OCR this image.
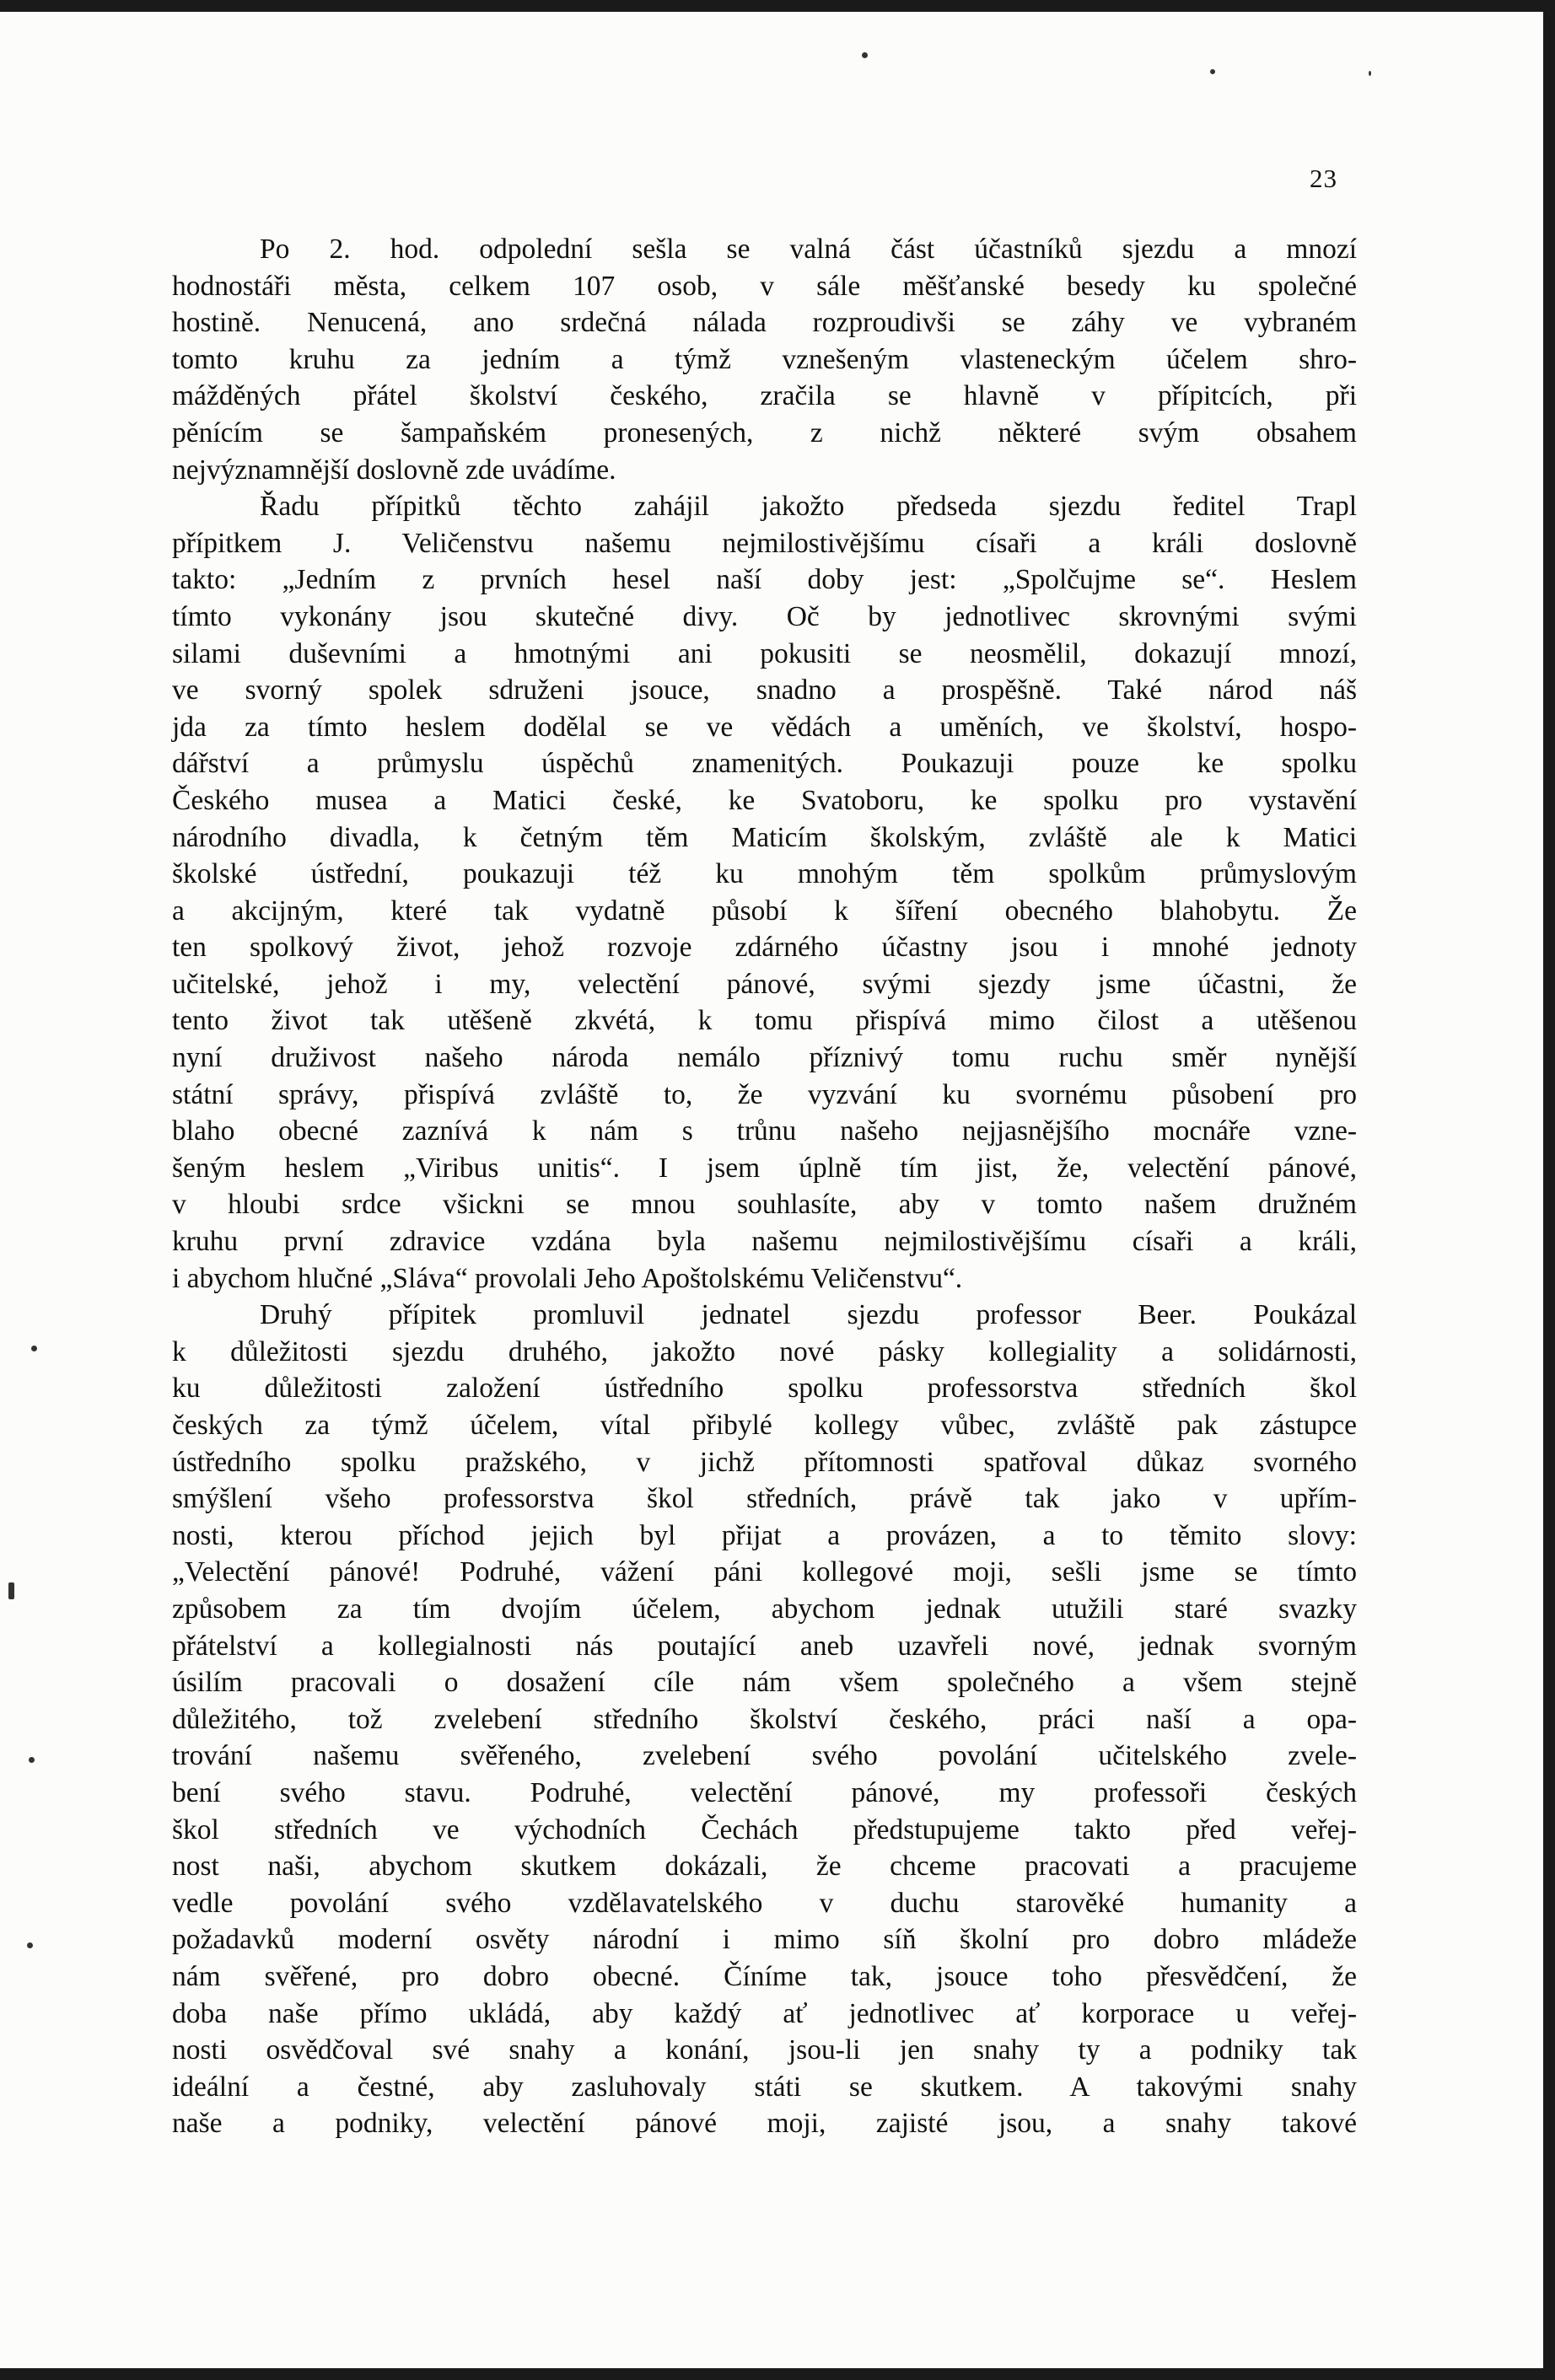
23
Po 2. hod. odpolední sešla se valná část účastníků sjezdu a mnozí
hodnostáři města, celkem 107 osob, v sále měšťanské besedy ku společné
hostině. Nenucená, ano srdečná nálada rozproudivši se záhy ve vybraném
tomto kruhu za jedním a týmž vznešeným vlasteneckým účelem shro-
mážděných přátel školství českého, zračila se hlavně v přípitcích, při
pěnícím se šampaňském pronesených, z nichž některé svým obsahem
nejvýznamnější doslovně zde uvádíme.
Řadu přípitků těchto zahájil jakožto předseda sjezdu ředitel Trapl
přípitkem J. Veličenstvu našemu nejmilostivějšímu císaři a králi doslovně
takto: „Jedním z prvních hesel naší doby jest: „Spolčujme se“. Heslem
tímto vykonány jsou skutečné divy. Oč by jednotlivec skrovnými svými
silami duševními a hmotnými ani pokusiti se neosmělil, dokazují mnozí,
ve svorný spolek sdruženi jsouce, snadno a prospěšně. Také národ náš
jda za tímto heslem dodělal se ve vědách a uměních, ve školství, hospo-
dářství a průmyslu úspěchů znamenitých. Poukazuji pouze ke spolku
Českého musea a Matici české, ke Svatoboru, ke spolku pro vystavění
národního divadla, k četným těm Maticím školským, zvláště ale k Matici
školské ústřední, poukazuji též ku mnohým těm spolkům průmyslovým
a akcijným, které tak vydatně působí k šíření obecného blahobytu. Že
ten spolkový život, jehož rozvoje zdárného účastny jsou i mnohé jednoty
učitelské, jehož i my, velectění pánové, svými sjezdy jsme účastni, že
tento život tak utěšeně zkvétá, k tomu přispívá mimo čilost a utěšenou
nyní druživost našeho národa nemálo příznivý tomu ruchu směr nynější
státní správy, přispívá zvláště to, že vyzvání ku svornému působení pro
blaho obecné zaznívá k nám s trůnu našeho nejjasnějšího mocnáře vzne-
šeným heslem „Viribus unitis“. I jsem úplně tím jist, že, velectění pánové,
v hloubi srdce všickni se mnou souhlasíte, aby v tomto našem družném
kruhu první zdravice vzdána byla našemu nejmilostivějšímu císaři a králi,
i abychom hlučné „Sláva“ provolali Jeho Apoštolskému Veličenstvu“.
Druhý přípitek promluvil jednatel sjezdu professor Beer. Poukázal
k důležitosti sjezdu druhého, jakožto nové pásky kollegiality a solidárnosti,
ku důležitosti založení ústředního spolku professorstva středních škol
českých za týmž účelem, vítal přibylé kollegy vůbec, zvláště pak zástupce
ústředního spolku pražského, v jichž přítomnosti spatřoval důkaz svorného
smýšlení všeho professorstva škol středních, právě tak jako v upřím-
nosti, kterou příchod jejich byl přijat a provázen, a to těmito slovy:
„Velectění pánové! Podruhé, vážení páni kollegové moji, sešli jsme se tímto
způsobem za tím dvojím účelem, abychom jednak utužili staré svazky
přátelství a kollegialnosti nás poutající aneb uzavřeli nové, jednak svorným
úsilím pracovali o dosažení cíle nám všem společného a všem stejně
důležitého, tož zvelebení středního školství českého, práci naší a opa-
trování našemu svěřeného, zvelebení svého povolání učitelského zvele-
bení svého stavu. Podruhé, velectění pánové, my professoři českých
škol středních ve východních Čechách předstupujeme takto před veřej-
nost naši, abychom skutkem dokázali, že chceme pracovati a pracujeme
vedle povolání svého vzdělavatelského v duchu starověké humanity a
požadavků moderní osvěty národní i mimo síň školní pro dobro mládeže
nám svěřené, pro dobro obecné. Číníme tak, jsouce toho přesvědčení, že
doba naše přímo ukládá, aby každý ať jednotlivec ať korporace u veřej-
nosti osvědčoval své snahy a konání, jsou-li jen snahy ty a podniky tak
ideální a čestné, aby zasluhovaly státi se skutkem. A takovými snahy
naše a podniky, velectění pánové moji, zajisté jsou, a snahy takové
